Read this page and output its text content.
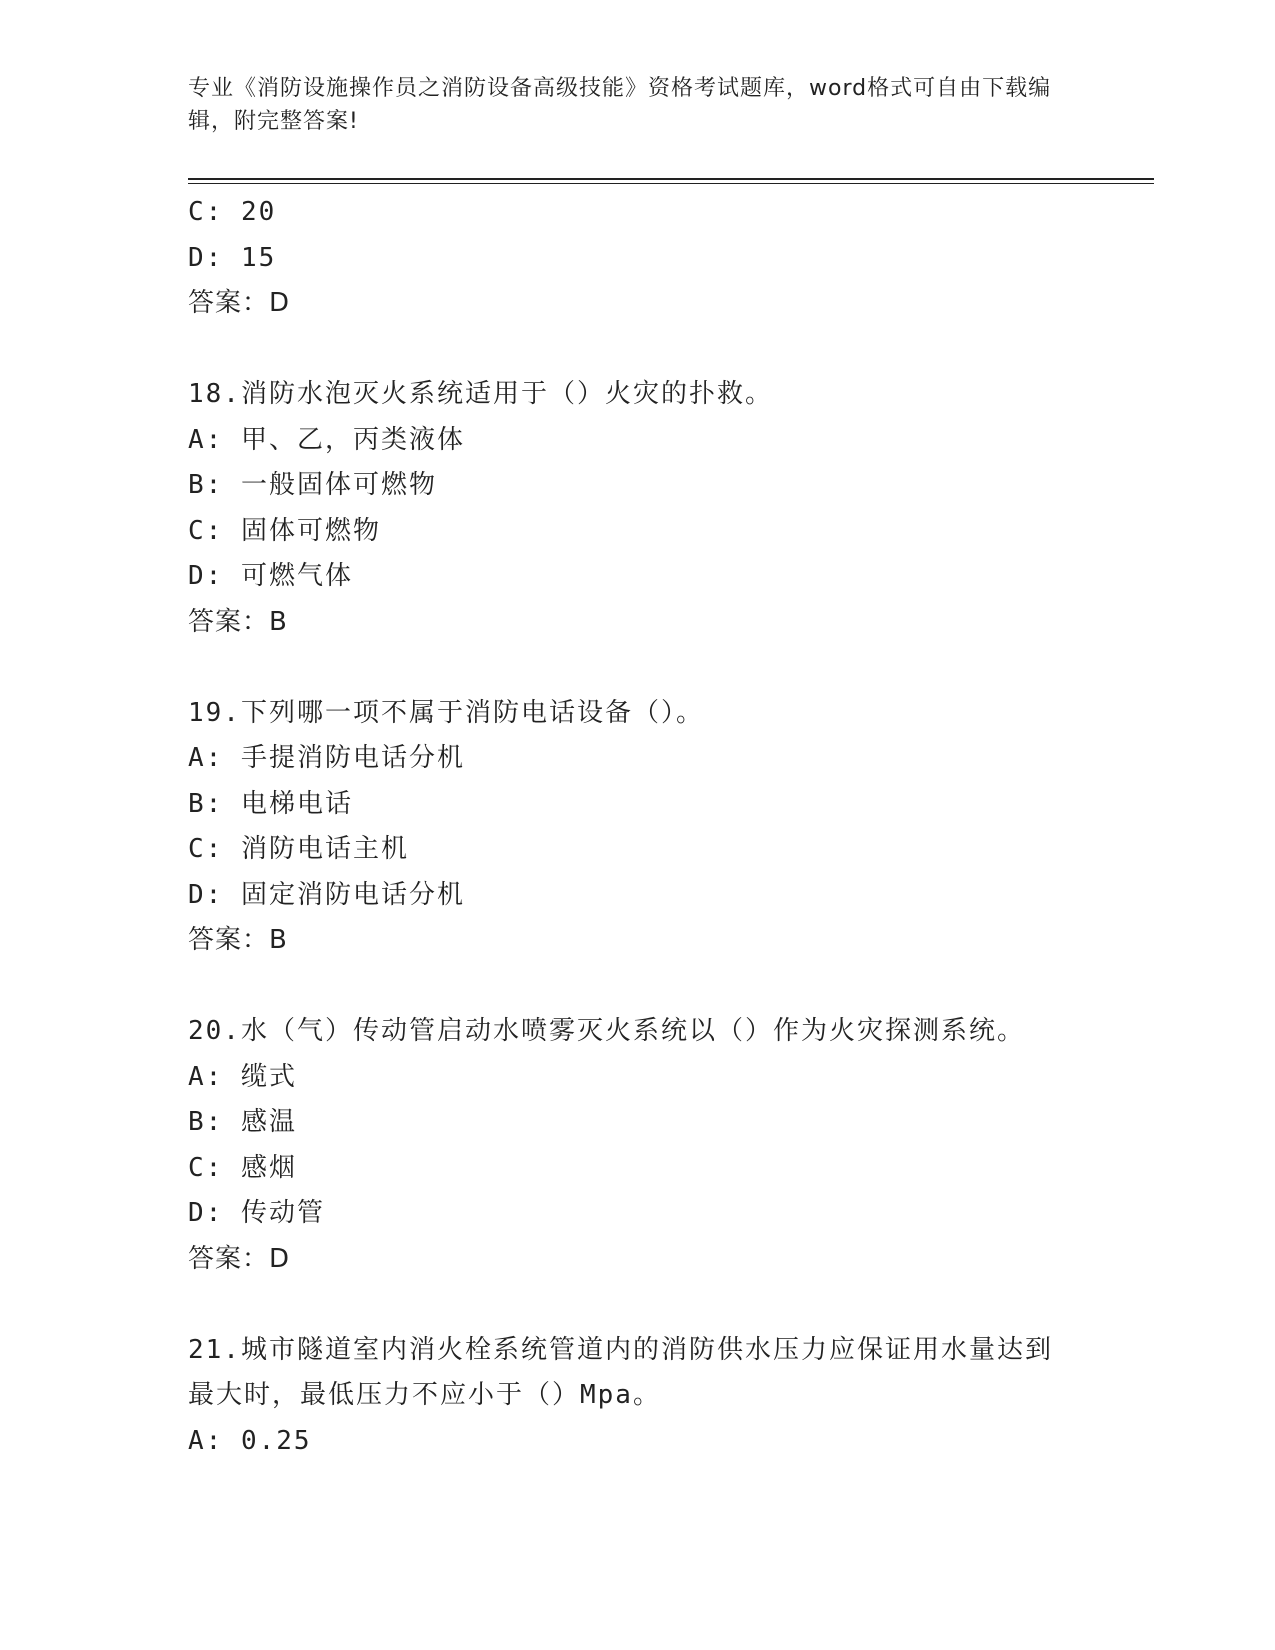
专业《消防设施操作员之消防设备高级技能》资格考试题库，word格式可自由下载编辑，附完整答案!
C: 20
D: 15
答案：D
18.消防水泡灭火系统适用于（）火灾的扑救。
A: 甲、乙，丙类液体
B: 一般固体可燃物
C: 固体可燃物
D: 可燃气体
答案：B
19.下列哪一项不属于消防电话设备（）。
A: 手提消防电话分机
B: 电梯电话
C: 消防电话主机
D: 固定消防电话分机
答案：B
20.水（气）传动管启动水喷雾灭火系统以（）作为火灾探测系统。
A: 缆式
B: 感温
C: 感烟
D: 传动管
答案：D
21.城市隧道室内消火栓系统管道内的消防供水压力应保证用水量达到
最大时，最低压力不应小于（）Mpa。
A: 0.25
